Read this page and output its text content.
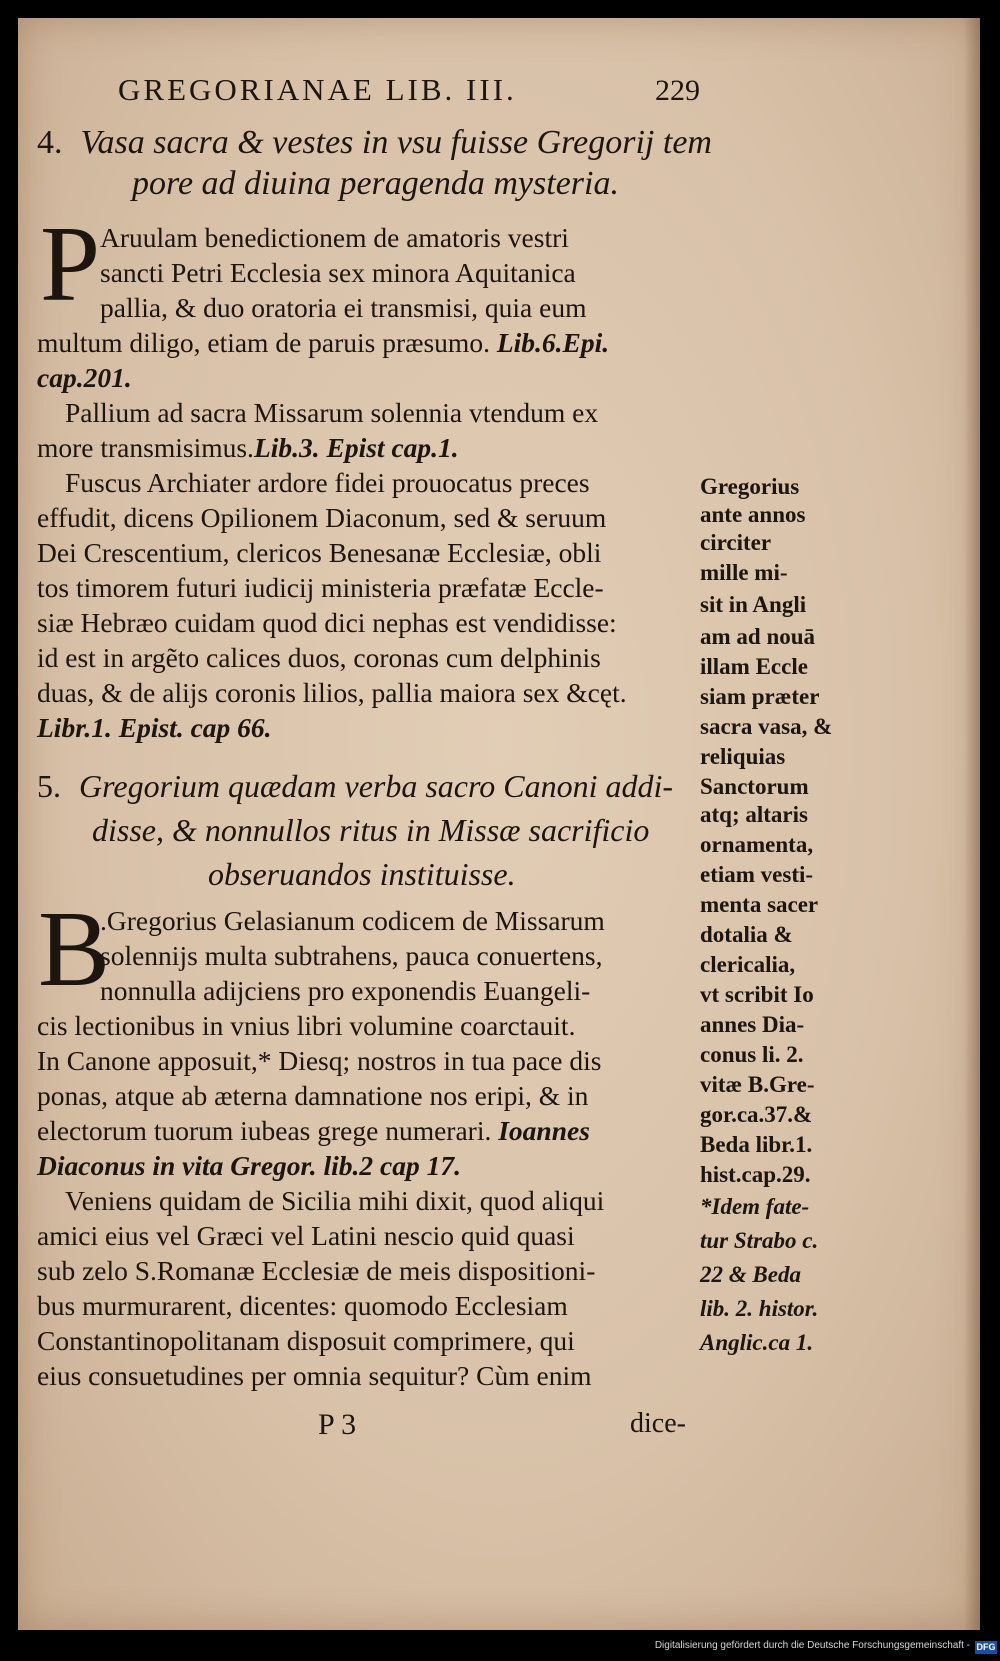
GREGORIANAE LIB. III.	229
4. Vasa sacra & vestes in vsu fuisse Gregorij tem
pore ad diuina peragenda mysteria.
P Aruulam benedictionem de amatoris vestri
sancti Petri Ecclesia sex minora Aquitanica
pallia, & duo oratoria ei transmisi, quia eum
multum diligo, etiam de paruis præsumo. Lib.6.Epi.
cap.201.
Pallium ad sacra Missarum solennia vtendum ex
more transmisimus.Lib.3. Epist cap.1.
Fuscus Archiater ardore fidei prouocatus preces
effudit, dicens Opilionem Diaconum, sed & seruum
Dei Crescentium, clericos Benesanæ Ecclesiæ, obli
tos timorem futuri iudicij ministeria præfatæ Eccle-
siæ Hebræo cuidam quod dici nephas est vendidisse:
id est in argẽto calices duos, coronas cum delphinis
duas, & de alijs coronis lilios, pallia maiora sex &cęt.
Libr.1. Epist. cap 66.
5. Gregorium quædam verba sacro Canoni addi-
disse, & nonnullos ritus in Missæ sacrificio
obseruandos instituisse.
B
.Gregorius Gelasianum codicem de Missarum
solennijs multa subtrahens, pauca conuertens,
nonnulla adijciens pro exponendis Euangeli-
cis lectionibus in vnius libri volumine coarctauit.
In Canone apposuit,* Diesq; nostros in tua pace dis
ponas, atque ab æterna damnatione nos eripi, & in
electorum tuorum iubeas grege numerari. Ioannes
Diaconus in vita Gregor. lib.2 cap 17.
Veniens quidam de Sicilia mihi dixit, quod aliqui
amici eius vel Græci vel Latini nescio quid quasi
sub zelo S.Romanæ Ecclesiæ de meis dispositioni-
bus murmurarent, dicentes: quomodo Ecclesiam
Constantinopolitanam disposuit comprimere, qui
eius consuetudines per omnia sequitur? Cùm enim
Gregorius
ante annos
circiter
mille mi-
sit in Angli
am ad nouā
illam Eccle
siam præter
sacra vasa, &
reliquias
Sanctorum
atq; altaris
ornamenta,
etiam vesti-
menta sacer
dotalia &
clericalia,
vt scribit Io
annes Dia-
conus li. 2.
vitæ B.Gre-
gor.ca.37.&
Beda libr.1.
hist.cap.29.
*Idem fate-
tur Strabo c.
22 & Beda
lib. 2. histor.
Anglic.ca 1.
P 3	dice-
Digitalisierung gefördert durch die Deutsche Forschungsgemeinschaft - DFG
